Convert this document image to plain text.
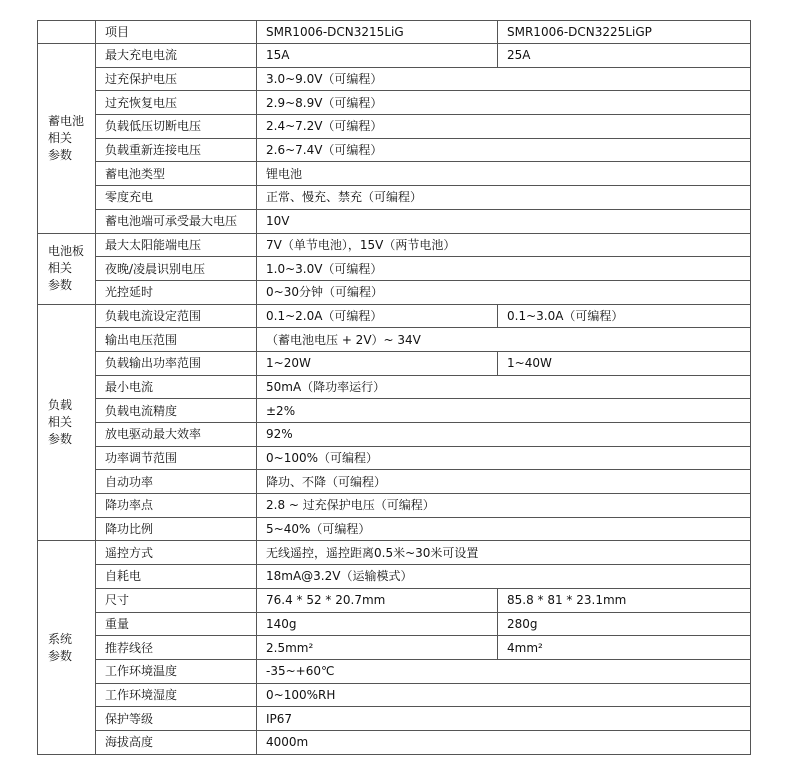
	项目	SMR1006-DCN3215LiG	SMR1006-DCN3225LiGP
蓄电池
相关
参数	最大充电电流	15A	25A
	过充保护电压	3.0~9.0V（可编程）	
	过充恢复电压	2.9~8.9V（可编程）	
	负载低压切断电压	2.4~7.2V（可编程）	
	负载重新连接电压	2.6~7.4V（可编程）	
	蓄电池类型	锂电池	
	零度充电	正常、慢充、禁充（可编程）	
	蓄电池端可承受最大电压	10V	
电池板
相关
参数	最大太阳能端电压	7V（单节电池），15V（两节电池）	
	夜晚/凌晨识别电压	1.0~3.0V（可编程）	
	光控延时	0~30分钟（可编程）	
负载
相关
参数	负载电流设定范围	0.1~2.0A（可编程）	0.1~3.0A（可编程）
	输出电压范围	（蓄电池电压 + 2V）~ 34V	
	负载输出功率范围	1~20W	1~40W
	最小电流	50mA（降功率运行）	
	负载电流精度	±2%	
	放电驱动最大效率	92%	
	功率调节范围	0~100%（可编程）	
	自动功率	降功、不降（可编程）	
	降功率点	2.8 ~ 过充保护电压（可编程）	
	降功比例	5~40%（可编程）	
系统
参数	遥控方式	无线遥控，遥控距离0.5米~30米可设置	
	自耗电	18mA@3.2V（运输模式）	
	尺寸	76.4 * 52 * 20.7mm	85.8 * 81 * 23.1mm
	重量	140g	280g
	推荐线径	2.5mm²	4mm²
	工作环境温度	-35~+60℃	
	工作环境湿度	0~100%RH	
	保护等级	IP67	
	海拔高度	4000m	
